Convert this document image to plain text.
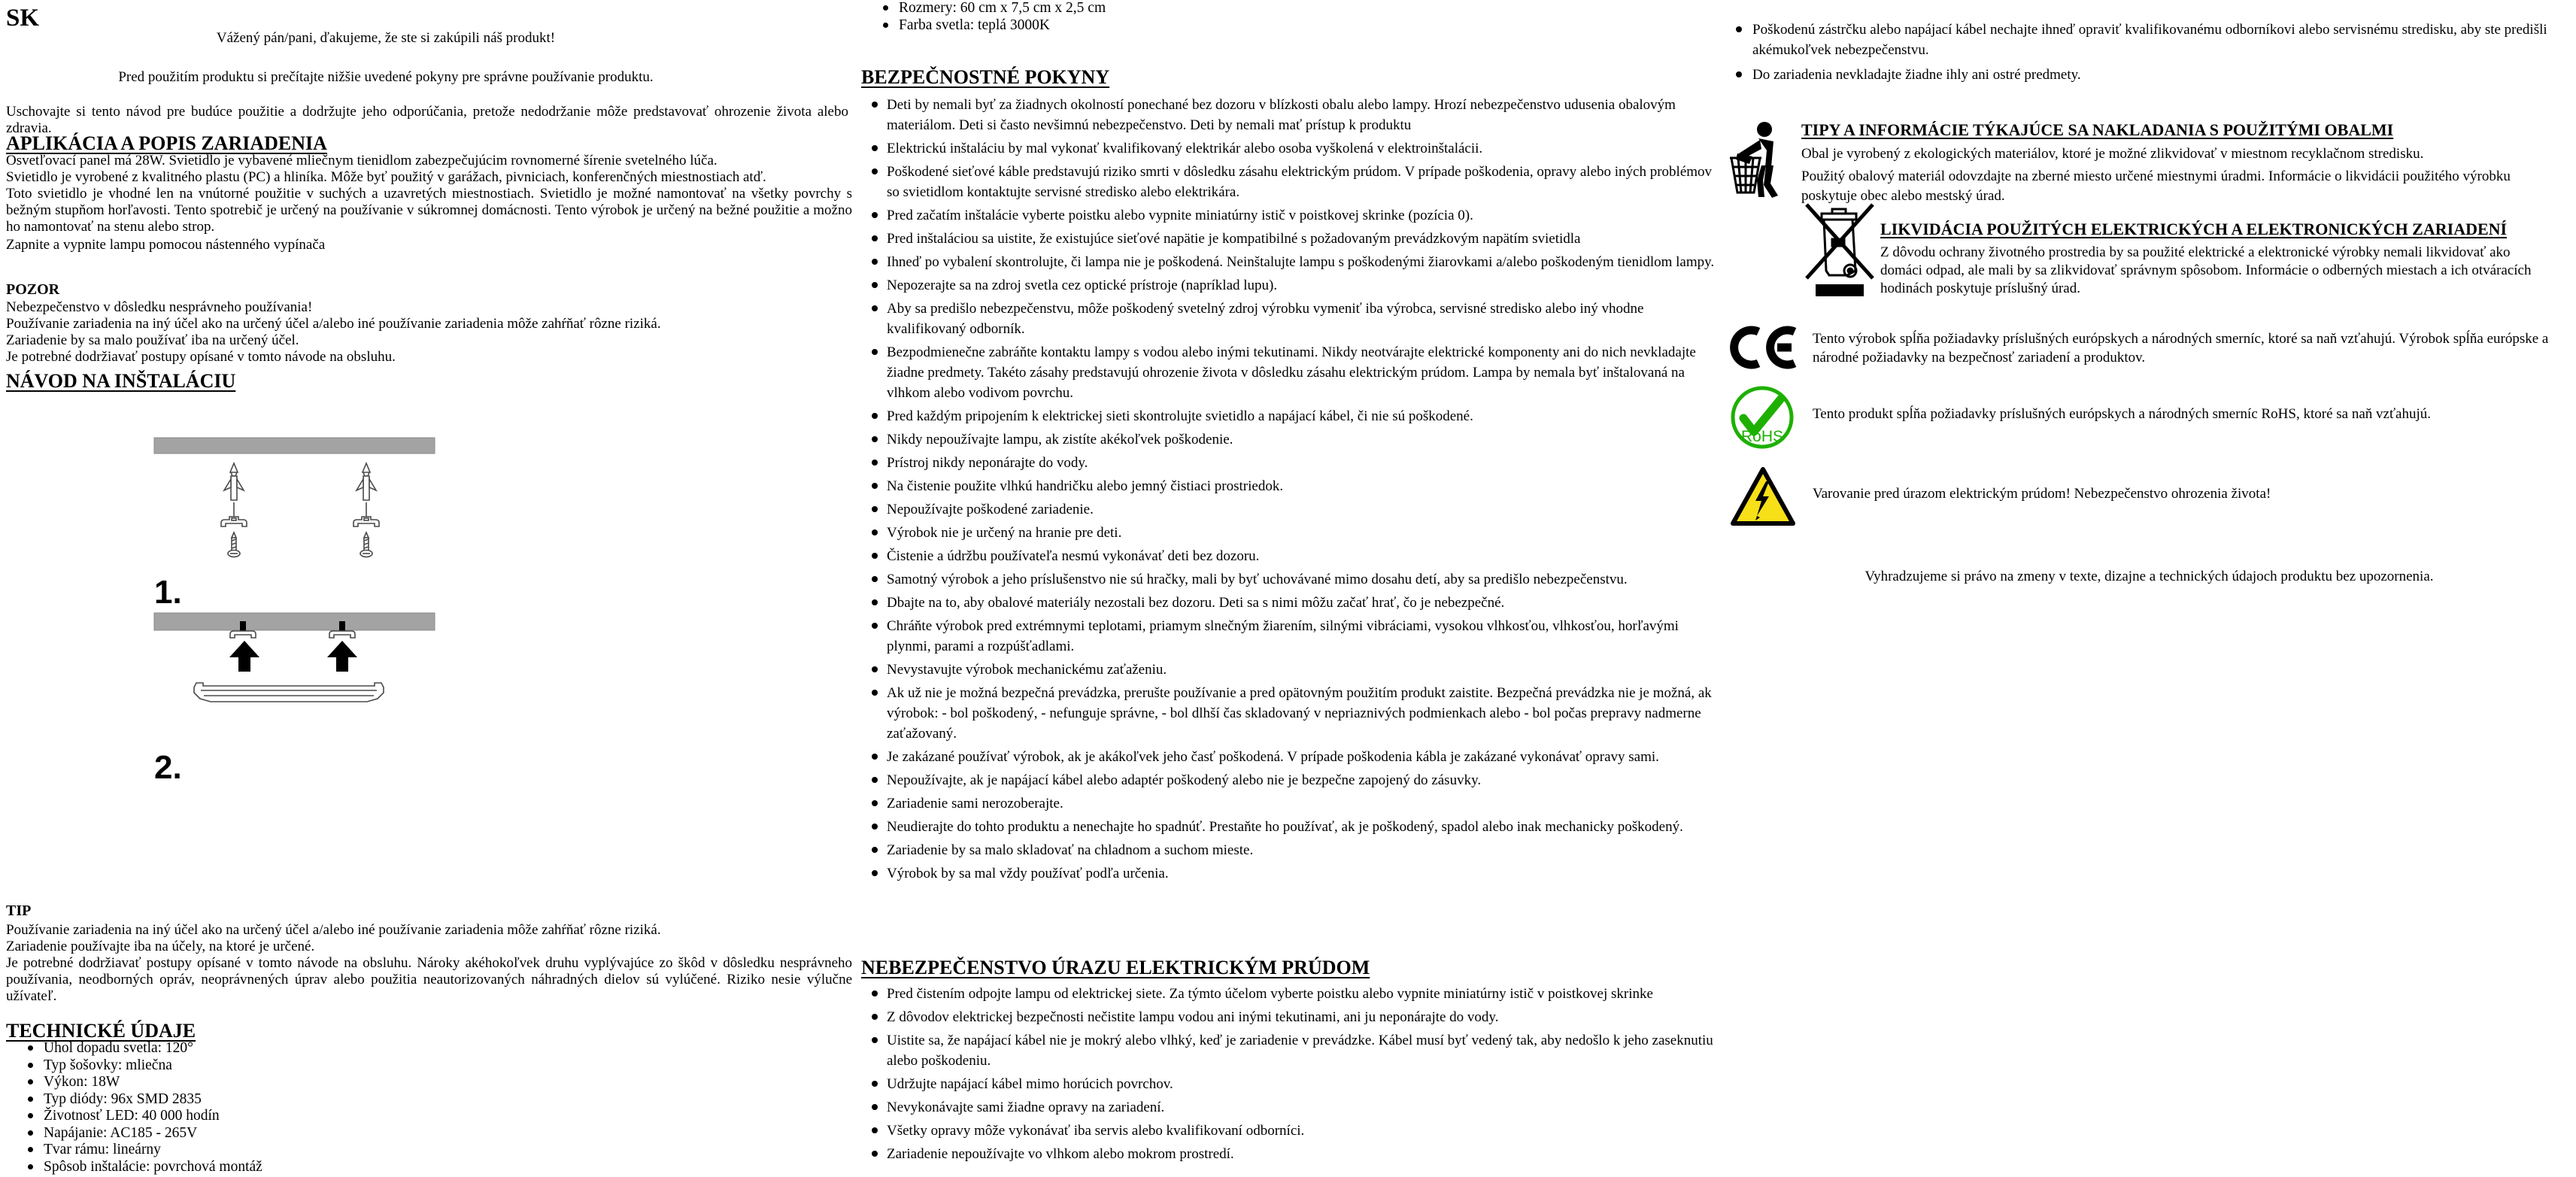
SK
Vážený pán/pani, ďakujeme, že ste si zakúpili náš produkt!
Pred použitím produktu si prečítajte nižšie uvedené pokyny pre správne používanie produktu.
Uschovajte si tento návod pre budúce použitie a dodržujte jeho odporúčania, pretože nedodržanie môže predstavovať ohrozenie života alebo zdravia.
APLIKÁCIA A POPIS ZARIADENIA
Osvetľovací panel má 28W. Svietidlo je vybavené mliečnym tienidlom zabezpečujúcim rovnomerné šírenie svetelného lúča.
Svietidlo je vyrobené z kvalitného plastu (PC) a hliníka. Môže byť použitý v garážach, pivniciach, konferenčných miestnostiach atď.
Toto svietidlo je vhodné len na vnútorné použitie v suchých a uzavretých miestnostiach. Svietidlo je možné namontovať na všetky povrchy s bežným stupňom horľavosti. Tento spotrebič je určený na používanie v súkromnej domácnosti. Tento výrobok je určený na bežné použitie a možno ho namontovať na stenu alebo strop.
Zapnite a vypnite lampu pomocou nástenného vypínača
POZOR
Nebezpečenstvo v dôsledku nesprávneho používania!
Používanie zariadenia na iný účel ako na určený účel a/alebo iné používanie zariadenia môže zahŕňať rôzne riziká.
Zariadenie by sa malo používať iba na určený účel.
Je potrebné dodržiavať postupy opísané v tomto návode na obsluhu.
NÁVOD NA INŠTALÁCIU
1.
2.
TIP
Používanie zariadenia na iný účel ako na určený účel a/alebo iné používanie zariadenia môže zahŕňať rôzne riziká.
Zariadenie používajte iba na účely, na ktoré je určené.
Je potrebné dodržiavať postupy opísané v tomto návode na obsluhu. Nároky akéhokoľvek druhu vyplývajúce zo škôd v dôsledku nesprávneho používania, neodborných opráv, neoprávnených úprav alebo použitia neautorizovaných náhradných dielov sú vylúčené. Riziko nesie výlučne užívateľ.
TECHNICKÉ ÚDAJE
Uhol dopadu svetla: 120°
Typ šošovky: mliečna
Výkon: 18W
Typ diódy: 96x SMD 2835
Životnosť LED: 40 000 hodín
Napájanie: AC185 - 265V
Tvar rámu: lineárny
Spôsob inštalácie: povrchová montáž
Rozmery: 60 cm x 7,5 cm x 2,5 cm
Farba svetla: teplá 3000K
BEZPEČNOSTNÉ POKYNY
Deti by nemali byť za žiadnych okolností ponechané bez dozoru v blízkosti obalu alebo lampy. Hrozí nebezpečenstvo udusenia obalovým materiálom. Deti si často nevšimnú nebezpečenstvo. Deti by nemali mať prístup k produktu
Elektrickú inštaláciu by mal vykonať kvalifikovaný elektrikár alebo osoba vyškolená v elektroinštalácii.
Poškodené sieťové káble predstavujú riziko smrti v dôsledku zásahu elektrickým prúdom. V prípade poškodenia, opravy alebo iných problémov so svietidlom kontaktujte servisné stredisko alebo elektrikára.
Pred začatím inštalácie vyberte poistku alebo vypnite miniatúrny istič v poistkovej skrinke (pozícia 0).
Pred inštaláciou sa uistite, že existujúce sieťové napätie je kompatibilné s požadovaným prevádzkovým napätím svietidla
Ihneď po vybalení skontrolujte, či lampa nie je poškodená. Neinštalujte lampu s poškodenými žiarovkami a/alebo poškodeným tienidlom lampy.
Nepozerajte sa na zdroj svetla cez optické prístroje (napríklad lupu).
Aby sa predišlo nebezpečenstvu, môže poškodený svetelný zdroj výrobku vymeniť iba výrobca, servisné stredisko alebo iný vhodne kvalifikovaný odborník.
Bezpodmienečne zabráňte kontaktu lampy s vodou alebo inými tekutinami. Nikdy neotvárajte elektrické komponenty ani do nich nevkladajte žiadne predmety. Takéto zásahy predstavujú ohrozenie života v dôsledku zásahu elektrickým prúdom. Lampa by nemala byť inštalovaná na vlhkom alebo vodivom povrchu.
Pred každým pripojením k elektrickej sieti skontrolujte svietidlo a napájací kábel, či nie sú poškodené.
Nikdy nepoužívajte lampu, ak zistíte akékoľvek poškodenie.
Prístroj nikdy neponárajte do vody.
Na čistenie použite vlhkú handričku alebo jemný čistiaci prostriedok.
Nepoužívajte poškodené zariadenie.
Výrobok nie je určený na hranie pre deti.
Čistenie a údržbu používateľa nesmú vykonávať deti bez dozoru.
Samotný výrobok a jeho príslušenstvo nie sú hračky, mali by byť uchovávané mimo dosahu detí, aby sa predišlo nebezpečenstvu.
Dbajte na to, aby obalové materiály nezostali bez dozoru. Deti sa s nimi môžu začať hrať, čo je nebezpečné.
Chráňte výrobok pred extrémnymi teplotami, priamym slnečným žiarením, silnými vibráciami, vysokou vlhkosťou, vlhkosťou, horľavými plynmi, parami a rozpúšťadlami.
Nevystavujte výrobok mechanickému zaťaženiu.
Ak už nie je možná bezpečná prevádzka, prerušte používanie a pred opätovným použitím produkt zaistite. Bezpečná prevádzka nie je možná, ak výrobok: - bol poškodený, - nefunguje správne, - bol dlhší čas skladovaný v nepriaznivých podmienkach alebo - bol počas prepravy nadmerne zaťažovaný.
Je zakázané používať výrobok, ak je akákoľvek jeho časť poškodená. V prípade poškodenia kábla je zakázané vykonávať opravy sami.
Nepoužívajte, ak je napájací kábel alebo adaptér poškodený alebo nie je bezpečne zapojený do zásuvky.
Zariadenie sami nerozoberajte.
Neudierajte do tohto produktu a nenechajte ho spadnúť. Prestaňte ho používať, ak je poškodený, spadol alebo inak mechanicky poškodený.
Zariadenie by sa malo skladovať na chladnom a suchom mieste.
Výrobok by sa mal vždy používať podľa určenia.
NEBEZPEČENSTVO ÚRAZU ELEKTRICKÝM PRÚDOM
Pred čistením odpojte lampu od elektrickej siete. Za týmto účelom vyberte poistku alebo vypnite miniatúrny istič v poistkovej skrinke
Z dôvodov elektrickej bezpečnosti nečistite lampu vodou ani inými tekutinami, ani ju neponárajte do vody.
Uistite sa, že napájací kábel nie je mokrý alebo vlhký, keď je zariadenie v prevádzke. Kábel musí byť vedený tak, aby nedošlo k jeho zaseknutiu alebo poškodeniu.
Udržujte napájací kábel mimo horúcich povrchov.
Nevykonávajte sami žiadne opravy na zariadení.
Všetky opravy môže vykonávať iba servis alebo kvalifikovaní odborníci.
Zariadenie nepoužívajte vo vlhkom alebo mokrom prostredí.
Poškodenú zástrčku alebo napájací kábel nechajte ihneď opraviť kvalifikovanému odborníkovi alebo servisnému stredisku, aby ste predišli akémukoľvek nebezpečenstvu.
Do zariadenia nevkladajte žiadne ihly ani ostré predmety.
TIPY A INFORMÁCIE TÝKAJÚCE SA NAKLADANIA S POUŽITÝMI OBALMI
Obal je vyrobený z ekologických materiálov, ktoré je možné zlikvidovať v miestnom recyklačnom stredisku.
Použitý obalový materiál odovzdajte na zberné miesto určené miestnymi úradmi. Informácie o likvidácii použitého výrobku poskytuje obec alebo mestský úrad.
LIKVIDÁCIA POUŽITÝCH ELEKTRICKÝCH A ELEKTRONICKÝCH ZARIADENÍ
Z dôvodu ochrany životného prostredia by sa použité elektrické a elektronické výrobky nemali likvidovať ako domáci odpad, ale mali by sa zlikvidovať správnym spôsobom. Informácie o odberných miestach a ich otváracích hodinách poskytuje príslušný úrad.
Tento výrobok spĺňa požiadavky príslušných európskych a národných smerníc, ktoré sa naň vzťahujú. Výrobok spĺňa európske a národné požiadavky na bezpečnosť zariadení a produktov.
RoHS
Tento produkt spĺňa požiadavky príslušných európskych a národných smerníc RoHS, ktoré sa naň vzťahujú.
Varovanie pred úrazom elektrickým prúdom! Nebezpečenstvo ohrozenia života!
Vyhradzujeme si právo na zmeny v texte, dizajne a technických údajoch produktu bez upozornenia.
